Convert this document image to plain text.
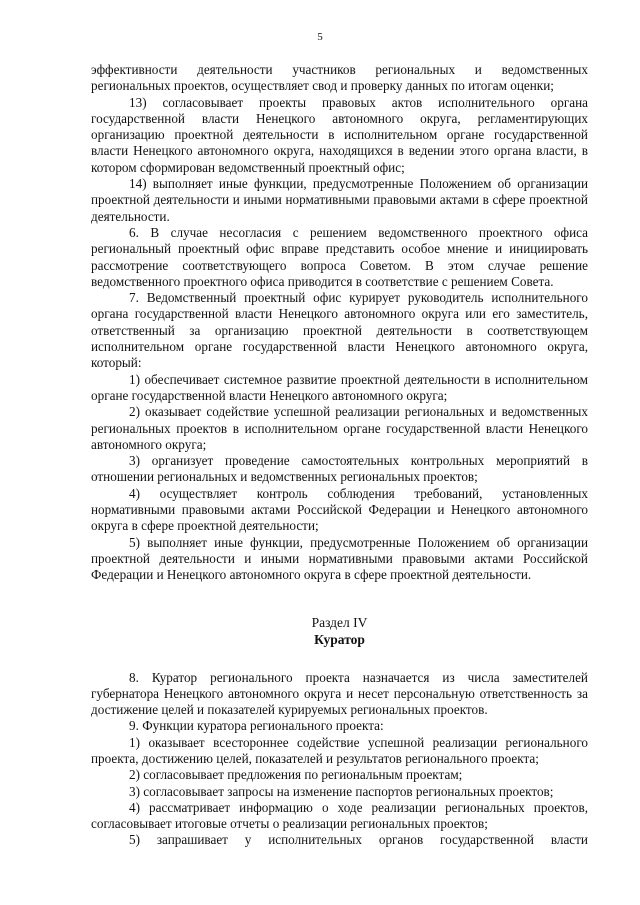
5

эффективности деятельности участников региональных и ведомственных региональных проектов, осуществляет свод и проверку данных по итогам оценки;

13) согласовывает проекты правовых актов исполнительного органа государственной власти Ненецкого автономного округа, регламентирующих организацию проектной деятельности в исполнительном органе государственной власти Ненецкого автономного округа, находящихся в ведении этого органа власти, в котором сформирован ведомственный проектный офис;

14) выполняет иные функции, предусмотренные Положением об организации проектной деятельности и иными нормативными правовыми актами в сфере проектной деятельности.

6. В случае несогласия с решением ведомственного проектного офиса региональный проектный офис вправе представить особое мнение и инициировать рассмотрение соответствующего вопроса Советом. В этом случае решение ведомственного проектного офиса приводится в соответствие с решением Совета.

7. Ведомственный проектный офис курирует руководитель исполнительного органа государственной власти Ненецкого автономного округа или его заместитель, ответственный за организацию проектной деятельности в соответствующем исполнительном органе государственной власти Ненецкого автономного округа, который:

1) обеспечивает системное развитие проектной деятельности в исполнительном органе государственной власти Ненецкого автономного округа;

2) оказывает содействие успешной реализации региональных и ведомственных региональных проектов в исполнительном органе государственной власти Ненецкого автономного округа;

3) организует проведение самостоятельных контрольных мероприятий в отношении региональных и ведомственных региональных проектов;

4) осуществляет контроль соблюдения требований, установленных нормативными правовыми актами Российской Федерации и Ненецкого автономного округа в сфере проектной деятельности;

5) выполняет иные функции, предусмотренные Положением об организации проектной деятельности и иными нормативными правовыми актами Российской Федерации и Ненецкого автономного округа в сфере проектной деятельности.

Раздел IV

Куратор

8. Куратор регионального проекта назначается из числа заместителей губернатора Ненецкого автономного округа и несет персональную ответственность за достижение целей и показателей курируемых региональных проектов.

9. Функции куратора регионального проекта:

1) оказывает всестороннее содействие успешной реализации регионального проекта, достижению целей, показателей и результатов регионального проекта;

2) согласовывает предложения по региональным проектам;

3) согласовывает запросы на изменение паспортов региональных проектов;

4) рассматривает информацию о ходе реализации региональных проектов, согласовывает итоговые отчеты о реализации региональных проектов;

5) запрашивает у исполнительных органов государственной власти
